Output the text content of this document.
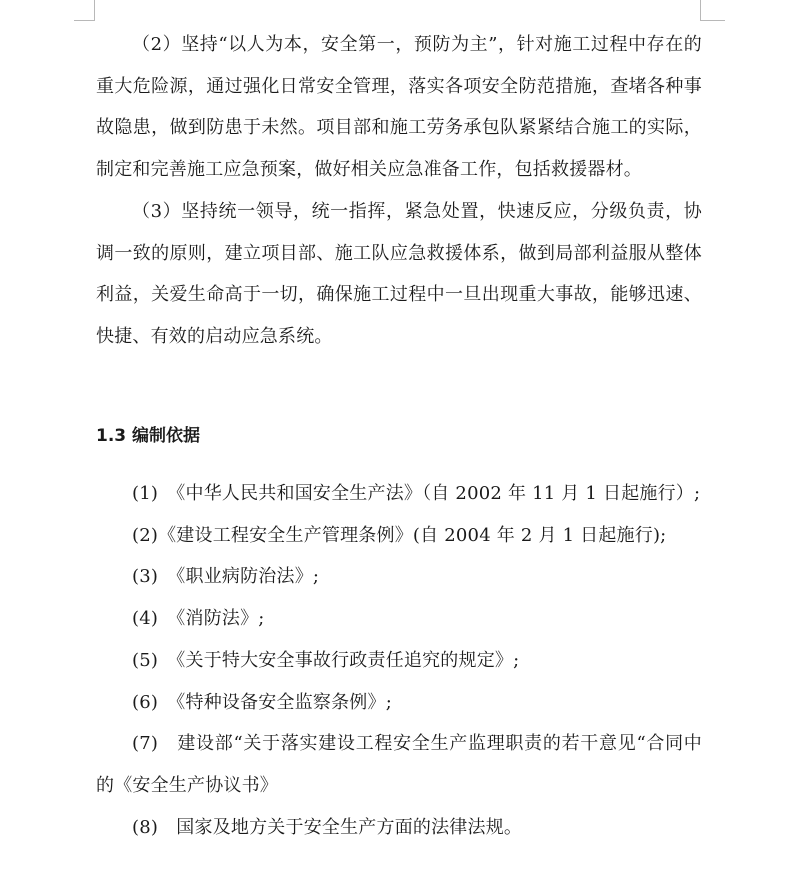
（2）坚持“以人为本，安全第一，预防为主”，针对施工过程中存在的重大危险源，通过强化日常安全管理，落实各项安全防范措施，查堵各种事故隐患，做到防患于未然。项目部和施工劳务承包队紧紧结合施工的实际，制定和完善施工应急预案，做好相关应急准备工作，包括救援器材。

（3）坚持统一领导，统一指挥，紧急处置，快速反应，分级负责，协调一致的原则，建立项目部、施工队应急救援体系，做到局部利益服从整体利益，关爱生命高于一切，确保施工过程中一旦出现重大事故，能够迅速、快捷、有效的启动应急系统。

1.3 编制依据

(1)　《中华人民共和国安全生产法》（自 2002 年 11 月 1 日起施行）;

(2)《建设工程安全生产管理条例》(自 2004 年 2 月 1 日起施行);

(3)　《职业病防治法》;

(4)　《消防法》;

(5)　《关于特大安全事故行政责任追究的规定》;

(6)　《特种设备安全监察条例》;

(7)　建设部“关于落实建设工程安全生产监理职责的若干意见“合同中的《安全生产协议书》

(8)　国家及地方关于安全生产方面的法律法规。
